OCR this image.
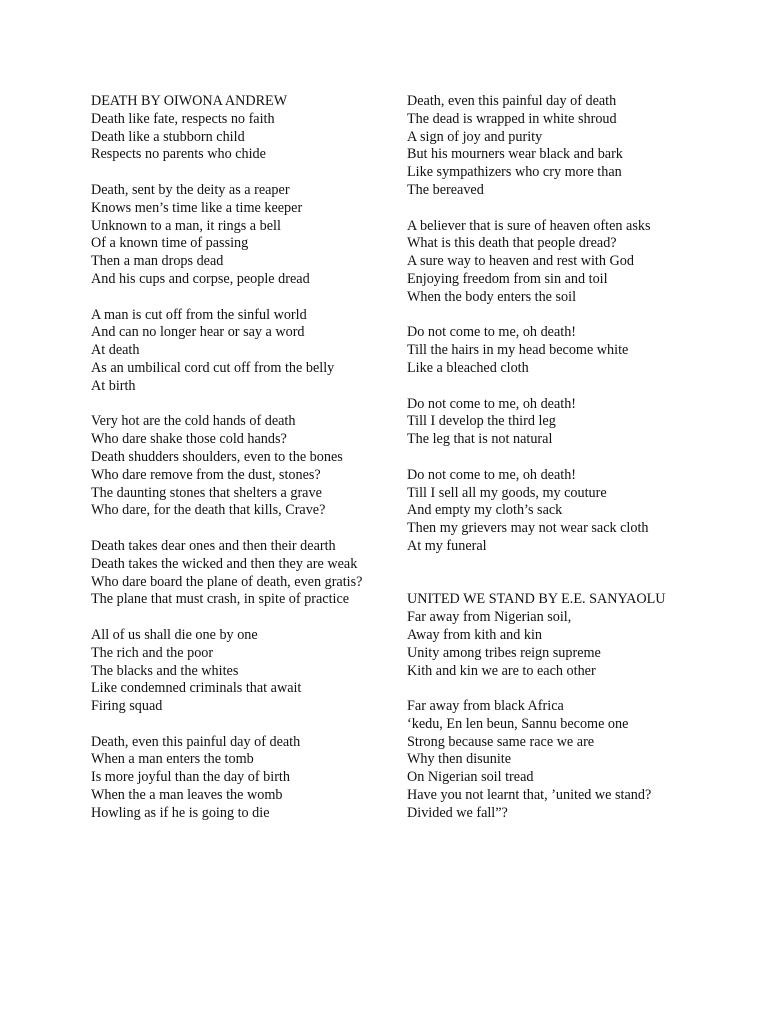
DEATH BY OIWONA ANDREW
Death like fate, respects no faith
Death like a stubborn child
Respects no parents who chide
Death, sent by the deity as a reaper
Knows men’s time like a time keeper
Unknown to a man, it rings a bell
Of a known time of passing
Then a man drops dead
And his cups and corpse, people dread
A man is cut off from the sinful world
And can no longer hear or say a word
At death
As an umbilical cord cut off from the belly
At birth
Very hot are the cold hands of death
Who dare shake those cold hands?
Death shudders shoulders, even to the bones
Who dare remove from the dust, stones?
The daunting stones that shelters a grave
Who dare, for the death that kills, Crave?
Death takes dear ones and then their dearth
Death takes the wicked and then they are weak
Who dare board the plane of death, even gratis?
The plane that must crash, in spite of practice
All of us shall die one by one
The rich and the poor
The blacks and the whites
Like condemned criminals that await
Firing squad
Death, even this painful day of death
When a man enters the tomb
Is more joyful than the day of birth
When the a man leaves the womb
Howling as if he is going to die
Death, even this painful day of death
The dead is wrapped in white shroud
A sign of joy and purity
But his mourners wear black and bark
Like sympathizers who cry more than
The bereaved
A believer that is sure of heaven often asks
What is this death that people dread?
A sure way to heaven and rest with God
Enjoying freedom from sin and toil
When the body enters the soil
Do not come to me, oh death!
Till the hairs in my head become white
Like a bleached cloth
Do not come to me, oh death!
Till I develop the third leg
The leg that is not natural
Do not come to me, oh death!
Till I sell all my goods, my couture
And empty my cloth’s sack
Then my grievers may not wear sack cloth
At my funeral
UNITED WE STAND BY E.E. SANYAOLU
Far away from Nigerian soil,
Away from kith and kin
Unity among tribes reign supreme
Kith and kin we are to each other
Far away from black Africa
‘kedu, En len beun, Sannu become one
Strong because same race we are
Why then disunite
On Nigerian soil tread
Have you not learnt that, ’united we stand?
Divided we fall”?
